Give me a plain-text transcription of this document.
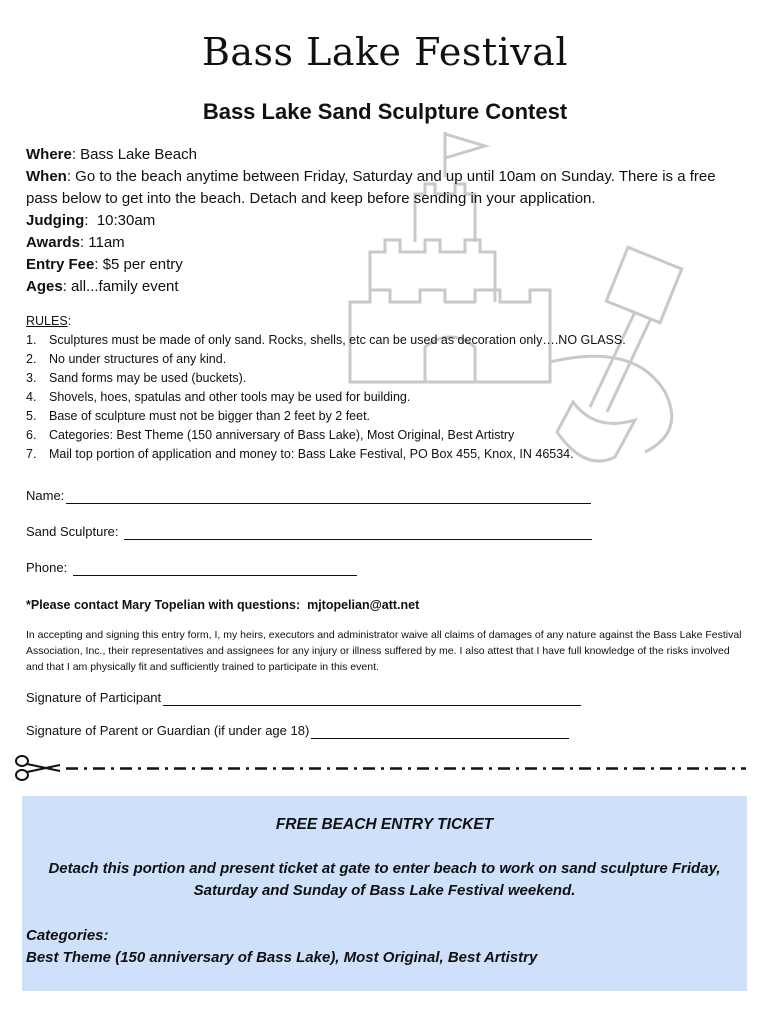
Bass Lake Festival
Bass Lake Sand Sculpture Contest
Where: Bass Lake Beach
When: Go to the beach anytime between Friday, Saturday and up until 10am on Sunday. There is a free pass below to get into the beach. Detach and keep before sending in your application.
Judging:  10:30am
Awards: 11am
Entry Fee: $5 per entry
Ages: all...family event
RULES:
1.	Sculptures must be made of only sand. Rocks, shells, etc can be used as decoration only….NO GLASS.
2.	No under structures of any kind.
3.	Sand forms may be used (buckets).
4.	Shovels, hoes, spatulas and other tools may be used for building.
5.	Base of sculpture must not be bigger than 2 feet by 2 feet.
6.	Categories: Best Theme (150 anniversary of Bass Lake), Most Original, Best Artistry
7.	Mail top portion of application and money to: Bass Lake Festival, PO Box 455, Knox, IN 46534.
Name:
Sand Sculpture:
Phone:
*Please contact Mary Topelian with questions:  mjtopelian@att.net
In accepting and signing this entry form, I, my heirs, executors and administrator waive all claims of damages of any nature against the Bass Lake Festival Association, Inc., their representatives and assignees for any injury or illness suffered by me. I also attest that I have full knowledge of the risks involved and that I am physically fit and sufficiently trained to participate in this event.
Signature of Participant
Signature of Parent or Guardian (if under age 18)
FREE BEACH ENTRY TICKET
Detach this portion and present ticket at gate to enter beach to work on sand sculpture Friday, Saturday and Sunday of Bass Lake Festival weekend.
Categories:
Best Theme (150 anniversary of Bass Lake), Most Original, Best Artistry
